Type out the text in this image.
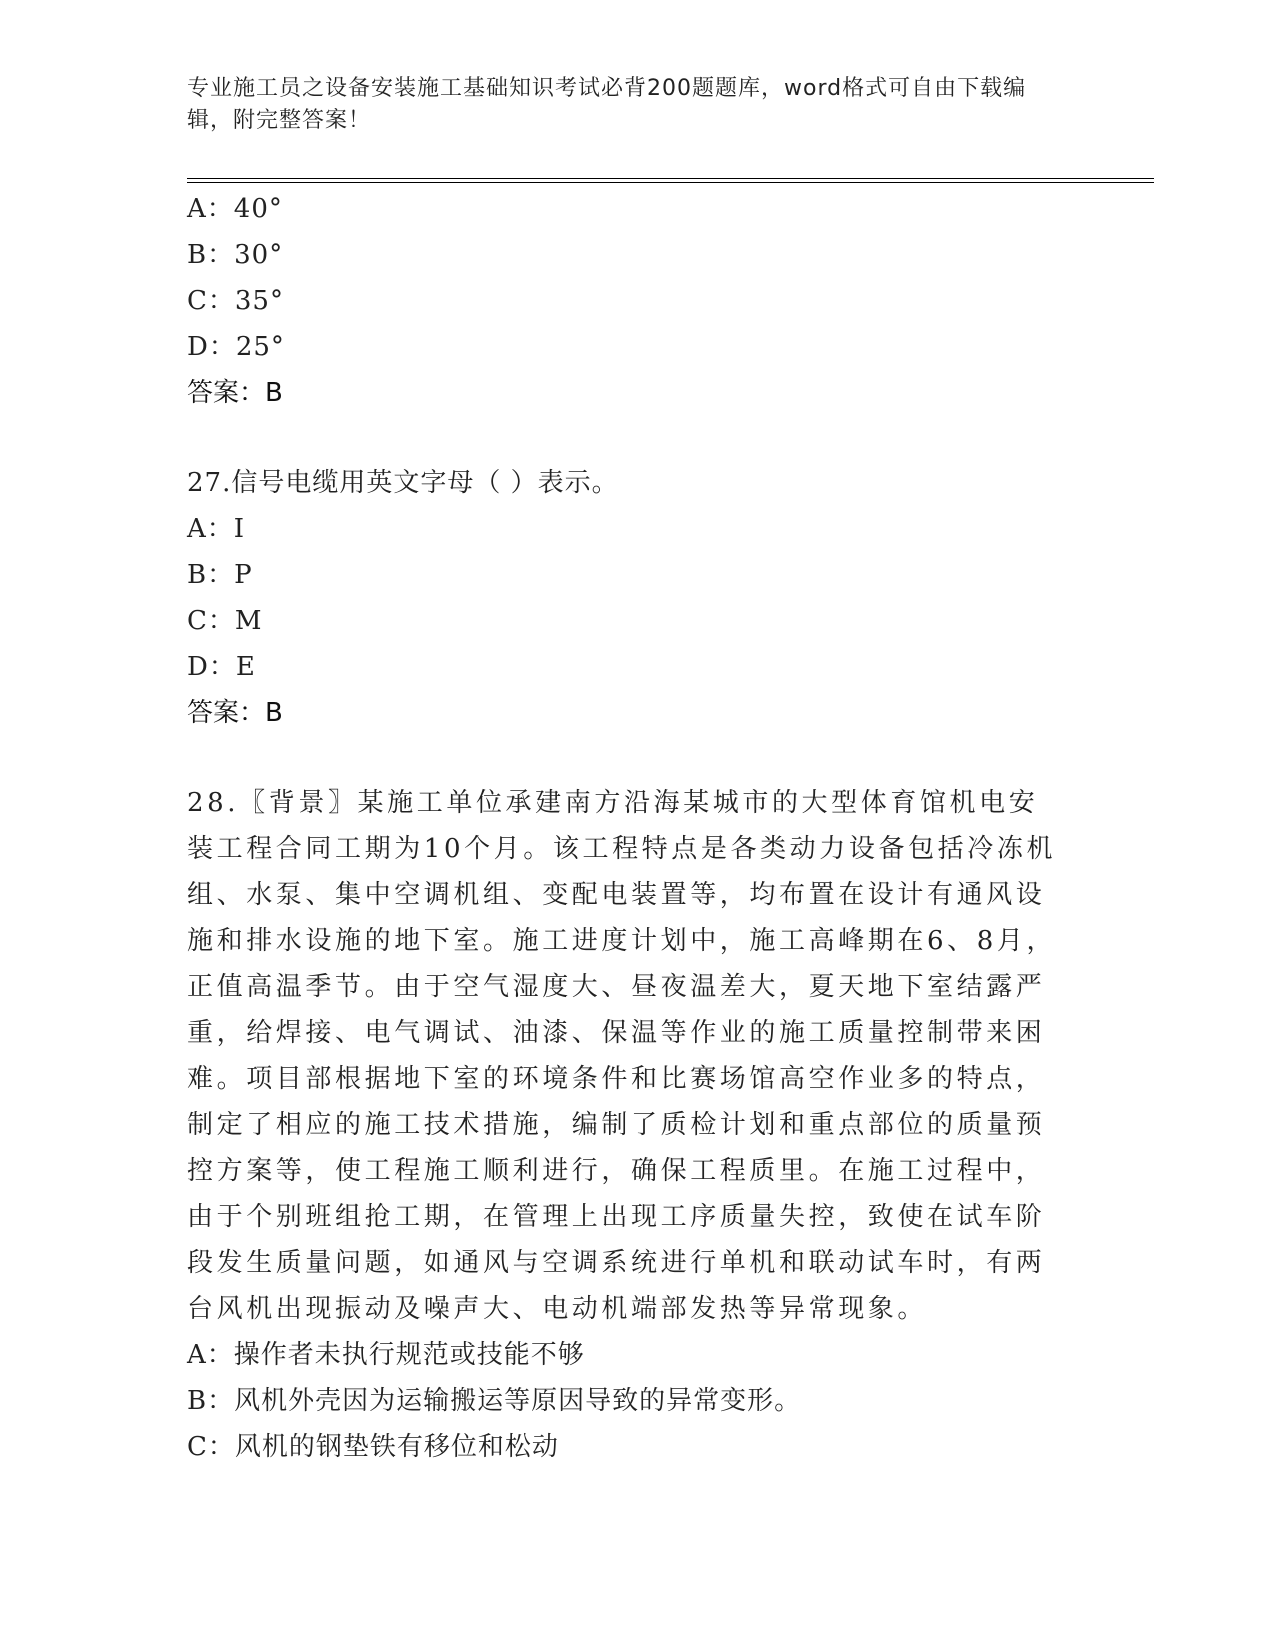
专业施工员之设备安装施工基础知识考试必背200题题库，word格式可自由下载编辑，附完整答案！
A：40°
B：30°
C：35°
D：25°
答案：B
27.信号电缆用英文字母（ ）表示。
A：I
B：P
C：M
D：E
答案：B
28.〖背景〗某施工单位承建南方沿海某城市的大型体育馆机电安装工程合同工期为10个月。该工程特点是各类动力设备包括冷冻机组、水泵、集中空调机组、变配电装置等，均布置在设计有通风设施和排水设施的地下室。施工进度计划中，施工高峰期在6、8月，正值高温季节。由于空气湿度大、昼夜温差大，夏天地下室结露严重，给焊接、电气调试、油漆、保温等作业的施工质量控制带来困难。项目部根据地下室的环境条件和比赛场馆高空作业多的特点，制定了相应的施工技术措施，编制了质检计划和重点部位的质量预控方案等，使工程施工顺利进行，确保工程质里。在施工过程中，由于个别班组抢工期，在管理上出现工序质量失控，致使在试车阶段发生质量问题，如通风与空调系统进行单机和联动试车时，有两台风机出现振动及噪声大、电动机端部发热等异常现象。
A：操作者未执行规范或技能不够
B：风机外壳因为运输搬运等原因导致的异常变形。
C：风机的钢垫铁有移位和松动
